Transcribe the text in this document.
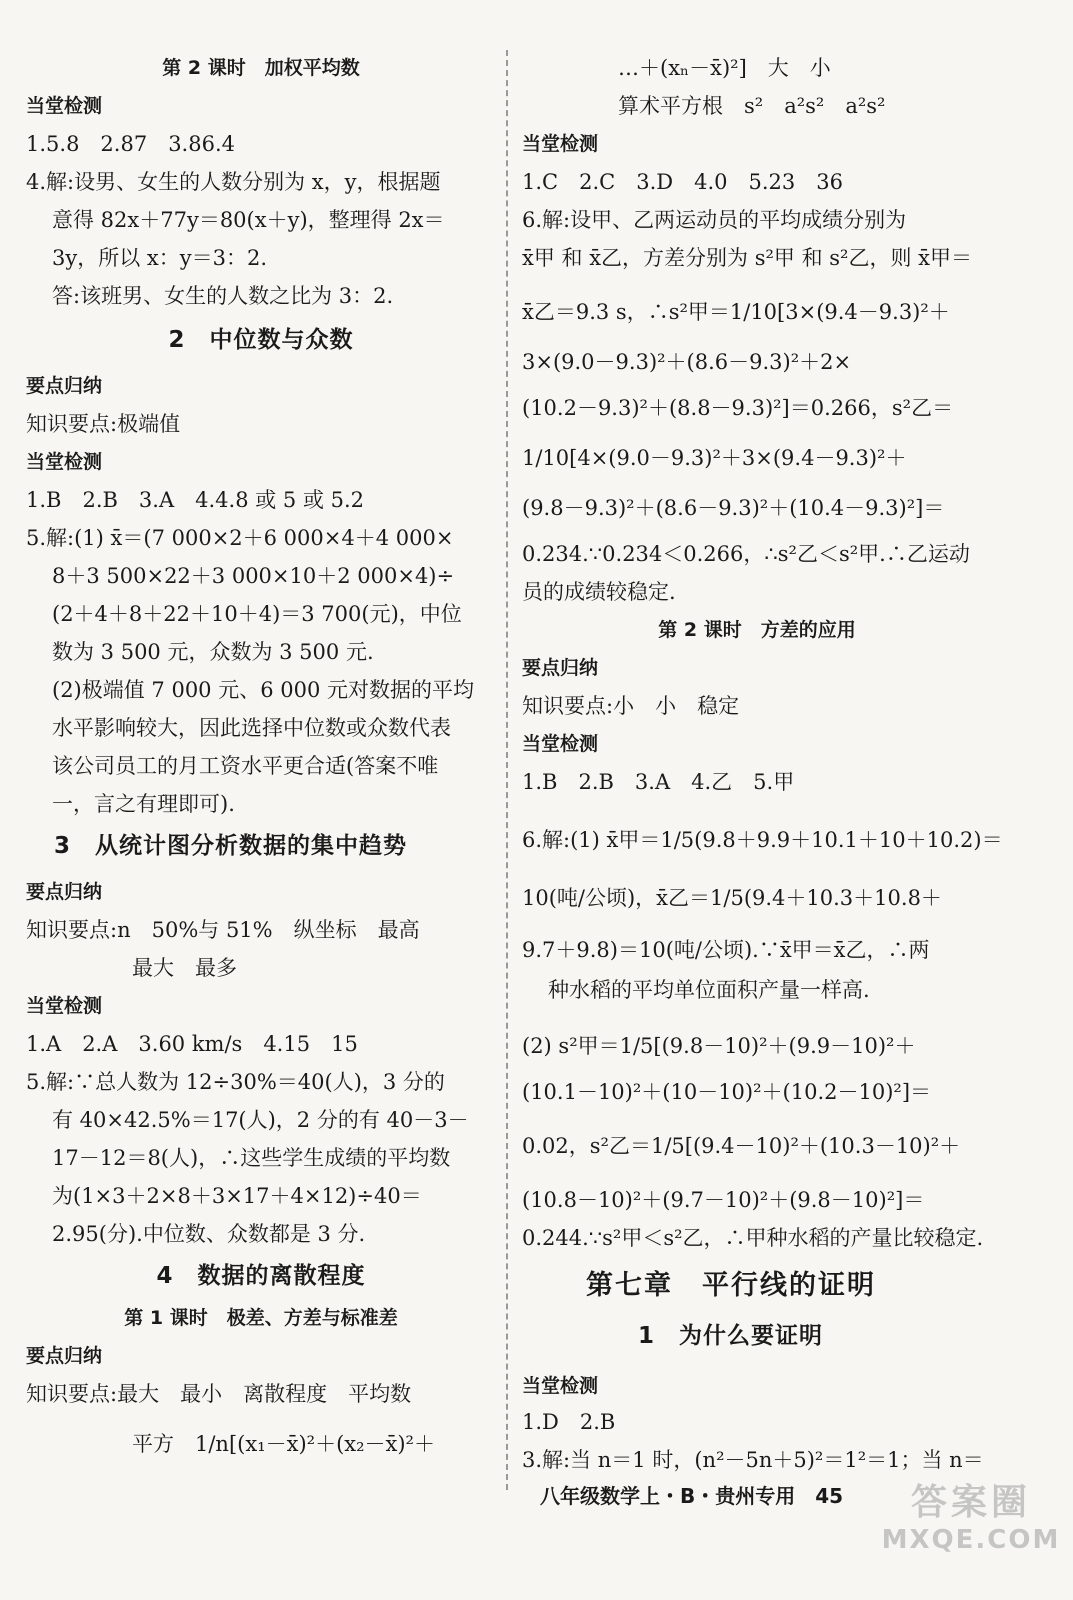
第 2 课时　加权平均数
当堂检测
1.5.8　2.87　3.86.4
4.解:设男、女生的人数分别为 x，y，根据题
意得 82x＋77y＝80(x＋y)，整理得 2x＝
3y，所以 x：y＝3：2.
答:该班男、女生的人数之比为 3：2.
2　中位数与众数
要点归纳
知识要点:极端值
当堂检测
1.B　2.B　3.A　4.4.8 或 5 或 5.2
5.解:(1) x̄＝(7 000×2＋6 000×4＋4 000×
8＋3 500×22＋3 000×10＋2 000×4)÷
(2＋4＋8＋22＋10＋4)＝3 700(元)，中位
数为 3 500 元，众数为 3 500 元.
(2)极端值 7 000 元、6 000 元对数据的平均
水平影响较大，因此选择中位数或众数代表
该公司员工的月工资水平更合适(答案不唯
一，言之有理即可).
3　从统计图分析数据的集中趋势
要点归纳
知识要点:n　50%与 51%　纵坐标　最高
最大　最多
当堂检测
1.A　2.A　3.60 km/s　4.15　15
5.解:∵总人数为 12÷30%＝40(人)，3 分的
有 40×42.5%＝17(人)，2 分的有 40－3－
17－12＝8(人)，∴这些学生成绩的平均数
为(1×3＋2×8＋3×17＋4×12)÷40＝
2.95(分).中位数、众数都是 3 分.
4　数据的离散程度
第 1 课时　极差、方差与标准差
要点归纳
知识要点:最大　最小　离散程度　平均数
平方　1/n[(x₁－x̄)²＋(x₂－x̄)²＋
…＋(xₙ－x̄)²]　大　小
算术平方根　s²　a²s²　a²s²
当堂检测
1.C　2.C　3.D　4.0　5.23　36
6.解:设甲、乙两运动员的平均成绩分别为
x̄甲 和 x̄乙，方差分别为 s²甲 和 s²乙，则 x̄甲＝
x̄乙＝9.3 s，∴s²甲＝1/10[3×(9.4－9.3)²＋
3×(9.0－9.3)²＋(8.6－9.3)²＋2×
(10.2－9.3)²＋(8.8－9.3)²]＝0.266，s²乙＝
1/10[4×(9.0－9.3)²＋3×(9.4－9.3)²＋
(9.8－9.3)²＋(8.6－9.3)²＋(10.4－9.3)²]＝
0.234.∵0.234＜0.266，∴s²乙＜s²甲.∴乙运动
员的成绩较稳定.
第 2 课时　方差的应用
要点归纳
知识要点:小　小　稳定
当堂检测
1.B　2.B　3.A　4.乙　5.甲
6.解:(1) x̄甲＝1/5(9.8＋9.9＋10.1＋10＋10.2)＝
10(吨/公顷)，x̄乙＝1/5(9.4＋10.3＋10.8＋
9.7＋9.8)＝10(吨/公顷).∵x̄甲＝x̄乙，∴两
种水稻的平均单位面积产量一样高.
(2) s²甲＝1/5[(9.8－10)²＋(9.9－10)²＋
(10.1－10)²＋(10－10)²＋(10.2－10)²]＝
0.02，s²乙＝1/5[(9.4－10)²＋(10.3－10)²＋
(10.8－10)²＋(9.7－10)²＋(9.8－10)²]＝
0.244.∵s²甲＜s²乙，∴甲种水稻的产量比较稳定.
第七章　平行线的证明
1　为什么要证明
当堂检测
1.D　2.B
3.解:当 n＝1 时，(n²－5n＋5)²＝1²＝1；当 n＝
八年级数学上・B・贵州专用　45	答案圈
MXQE.COM
